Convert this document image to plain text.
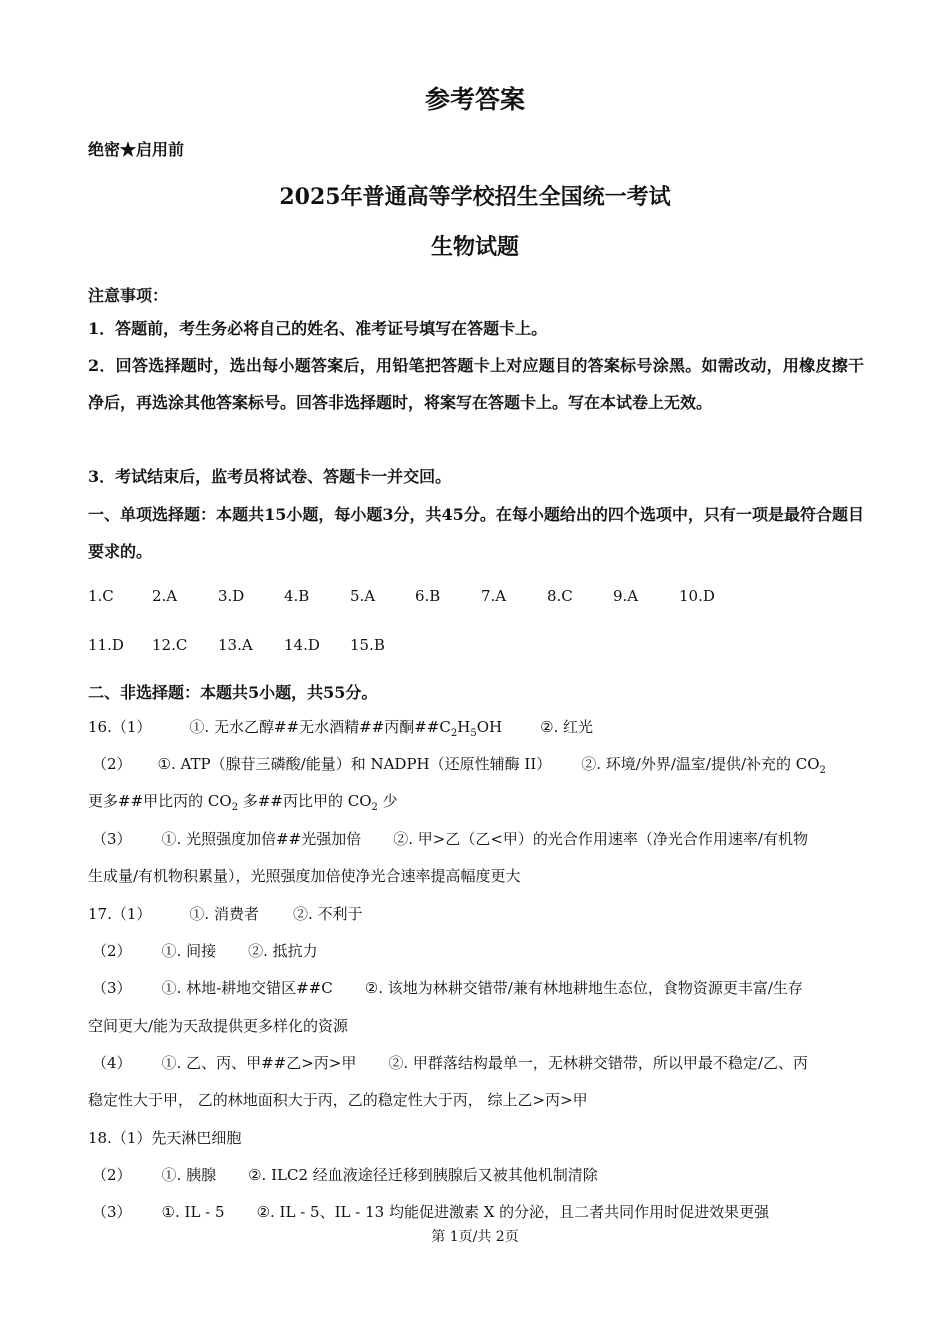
参考答案
绝密★启用前
2025年普通高等学校招生全国统一考试
生物试题
注意事项：
1．答题前，考生务必将自己的姓名、准考证号填写在答题卡上。
2．回答选择题时，选出每小题答案后，用铅笔把答题卡上对应题目的答案标号涂黑。如需改动，用橡皮擦干净后，再选涂其他答案标号。回答非选择题时，将案写在答题卡上。写在本试卷上无效。
3．考试结束后，监考员将试卷、答题卡一并交回。
一、单项选择题：本题共15小题，每小题3分，共45分。在每小题给出的四个选项中，只有一项是最符合题目要求的。
1.C	2.A	3.D	4.B	5.A	6.B	7.A	8.C	9.A	10.D
11.D 12.C 13.A 14.D 15.B
二、非选择题：本题共5小题，共55分。
16.（1）	①. 无水乙醇##无水酒精##丙酮$\#\#C_2H_5OH$	②. 红光
（2） ①. ATP（腺苷三磷酸/能量）和 NADPH（还原性辅酶 II） ②. 环境/外界/温室/提供/补充的 $CO_2$
更多##甲比丙的 $CO_2$ 多##丙比甲的 $CO_2$ 少
（3） ①. 光照强度加倍##光强加倍 ②. 甲>乙（乙<甲）的光合作用速率（净光合作用速率/有机物
生成量/有机物积累量），光照强度加倍使净光合速率提高幅度更大
17.（1）	①. 消费者 ②. 不利于
（2） ①. 间接 ②. 抵抗力
（3） ①. 林地-耕地交错区##C ②. 该地为林耕交错带/兼有林地耕地生态位，食物资源更丰富/生存
空间更大/能为天敌提供更多样化的资源
（4） ①. 乙、丙、甲##乙>丙>甲 ②. 甲群落结构最单一，无林耕交错带，所以甲最不稳定/乙、丙
稳定性大于甲， 乙的林地面积大于丙，乙的稳定性大于丙， 综上乙>丙>甲
18.（1）先天淋巴细胞
（2） ①. 胰腺 ②. ILC2 经血液途径迁移到胰腺后又被其他机制清除
（3） ①. IL - 5 ②. IL - 5、IL - 13 均能促进激素 X 的分泌，且二者共同作用时促进效果更强
第 1页/共 2页
